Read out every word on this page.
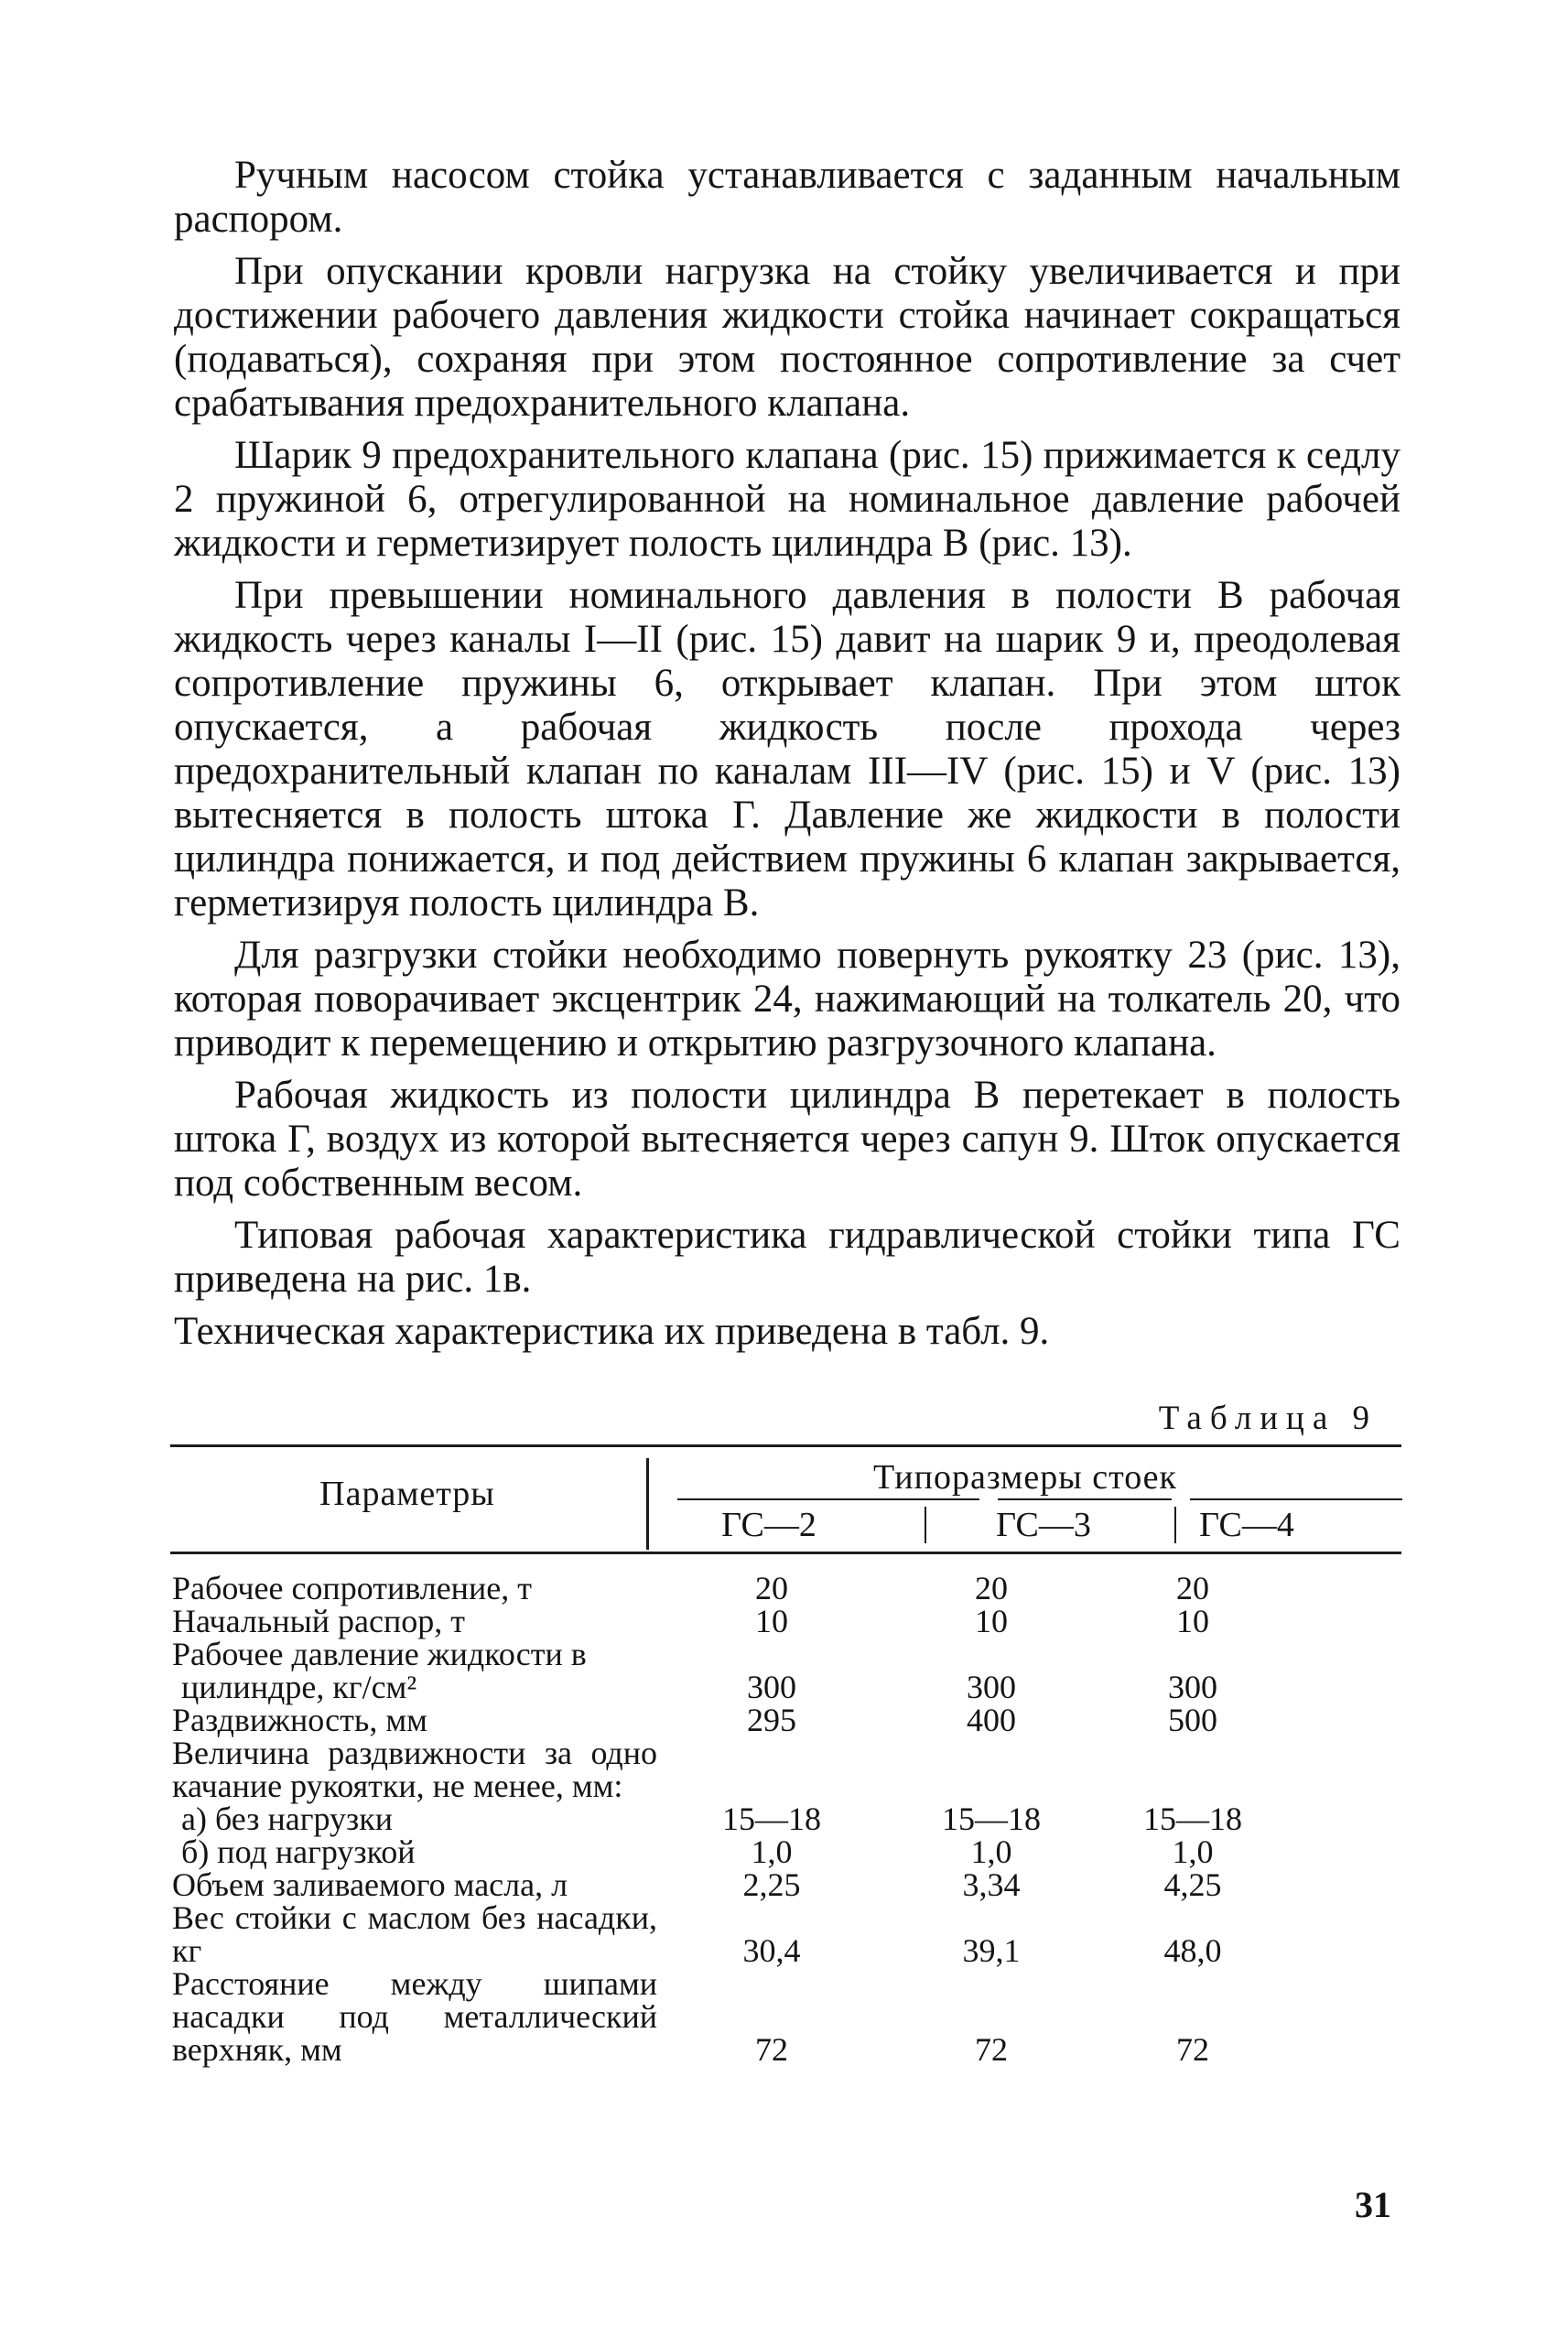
Ручным насосом стойка устанавливается с заданным начальным распором.

При опускании кровли нагрузка на стойку увеличивается и при достижении рабочего давления жидкости стойка начинает сокращаться (подаваться), сохраняя при этом постоянное сопротивление за счет срабатывания предохранительного клапана.

Шарик 9 предохранительного клапана (рис. 15) прижимается к седлу 2 пружиной 6, отрегулированной на номинальное давление рабочей жидкости и герметизирует полость цилиндра В (рис. 13).

При превышении номинального давления в полости В рабочая жидкость через каналы I—II (рис. 15) давит на шарик 9 и, преодолевая сопротивление пружины 6, открывает клапан. При этом шток опускается, а рабочая жидкость после прохода через предохранительный клапан по каналам III—IV (рис. 15) и V (рис. 13) вытесняется в полость штока Г. Давление же жидкости в полости цилиндра понижается, и под действием пружины 6 клапан закрывается, герметизируя полость цилиндра В.

Для разгрузки стойки необходимо повернуть рукоятку 23 (рис. 13), которая поворачивает эксцентрик 24, нажимающий на толкатель 20, что приводит к перемещению и открытию разгрузочного клапана.

Рабочая жидкость из полости цилиндра В перетекает в полость штока Г, воздух из которой вытесняется через сапун 9. Шток опускается под собственным весом.

Типовая рабочая характеристика гидравлической стойки типа ГС приведена на рис. 1в.

Техническая характеристика их приведена в табл. 9.

Таблица 9
Параметры	Типоразмеры стоек
ГС—2	ГС—3	ГС—4
Рабочее сопротивление, т	20	20	20	
Начальный распор, т	10	10	10	
Рабочее давление жидкости в				

цилиндре, кг/см²	300	300	300	
Раздвижность, мм	295	400	500	
Величина раздвижности за одно качание рукоятки, не менее, мм:				

а) без нагрузки	15—18	15—18	15—18	

б) под нагрузкой	1,0	1,0	1,0	
Объем заливаемого масла, л	2,25	3,34	4,25	
Вес стойки с маслом без насадки, кг	30,4	39,1	48,0	
Расстояние между шипами насадки под металлический верхняк, мм	72	72	72	
31
